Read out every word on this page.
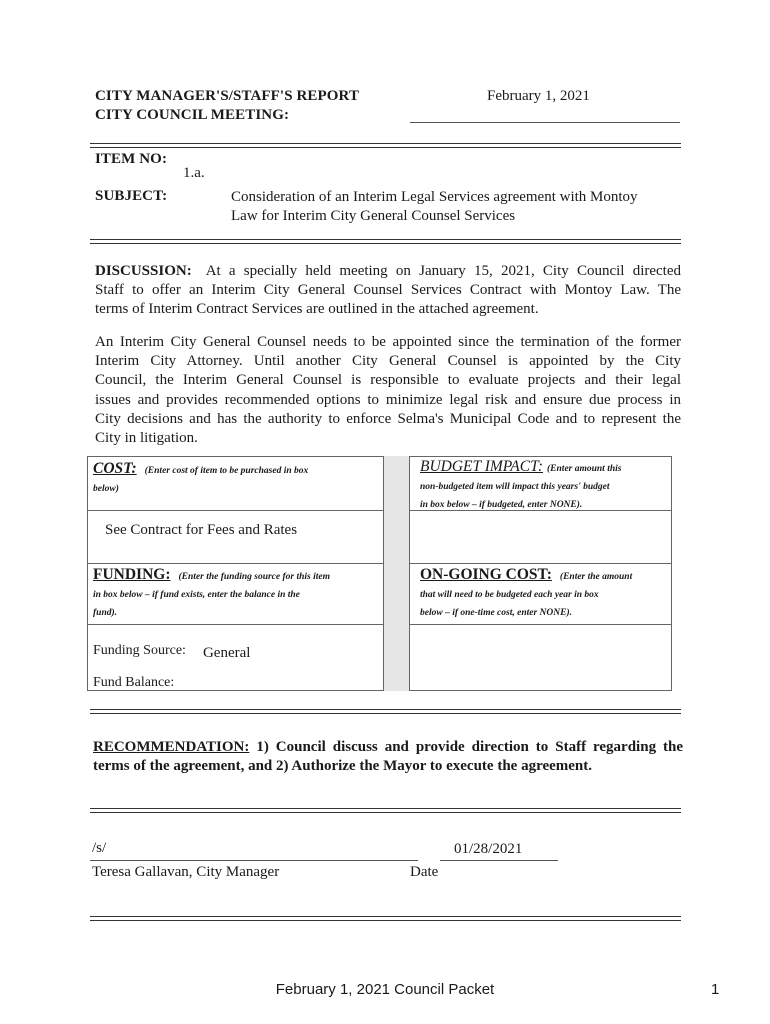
CITY MANAGER'S/STAFF'S REPORT
CITY COUNCIL MEETING:
February 1, 2021
ITEM NO:
1.a.
SUBJECT:	Consideration of an Interim Legal Services agreement with Montoy
Law for Interim City General Counsel Services
DISCUSSION: At a specially held meeting on January 15, 2021, City Council directed
Staff to offer an Interim City General Counsel Services Contract with Montoy Law. The
terms of Interim Contract Services are outlined in the attached agreement.
An Interim City General Counsel needs to be appointed since the termination of the former
Interim City Attorney. Until another City General Counsel is appointed by the City
Council, the Interim General Counsel is responsible to evaluate projects and their legal
issues and provides recommended options to minimize legal risk and ensure due process in
City decisions and has the authority to enforce Selma's Municipal Code and to represent the
City in litigation.
COST: (Enter cost of item to be purchased in box
below)
See Contract for Fees and Rates
BUDGET IMPACT: (Enter amount this
non-budgeted item will impact this years' budget
in box below – if budgeted, enter NONE).
FUNDING: (Enter the funding source for this item
in box below – if fund exists, enter the balance in the
fund).
Funding Source: General
Fund Balance:
ON-GOING COST: (Enter the amount
that will need to be budgeted each year in box
below – if one-time cost, enter NONE).
RECOMMENDATION: 1) Council discuss and provide direction to Staff regarding the
terms of the agreement, and 2) Authorize the Mayor to execute the agreement.
/s/
Teresa Gallavan, City Manager
01/28/2021
Date
February 1, 2021 Council Packet	1
